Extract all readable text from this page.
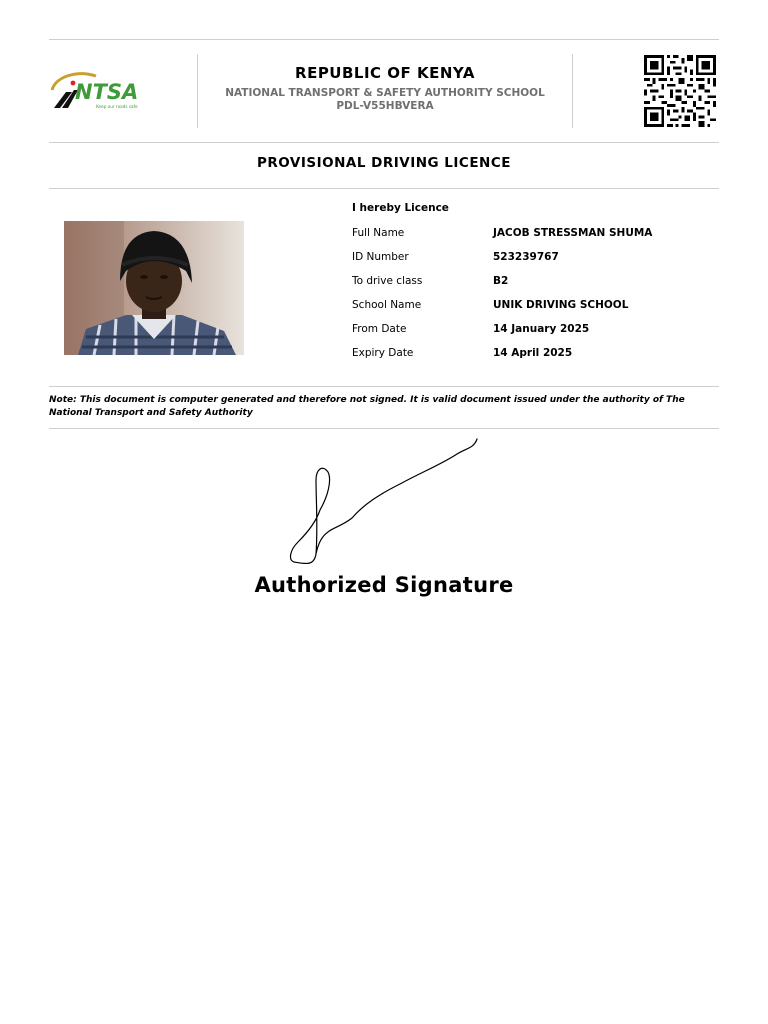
NTSA
Keep our roads safe
REPUBLIC OF KENYA
NATIONAL TRANSPORT & SAFETY AUTHORITY SCHOOL
PDL-V55HBVERA
PROVISIONAL DRIVING LICENCE
I hereby Licence
Full Name	JACOB STRESSMAN SHUMA
ID Number	523239767
To drive class	B2
School Name	UNIK DRIVING SCHOOL
From Date	14 January 2025
Expiry Date	14 April 2025
Note: This document is computer generated and therefore not signed. It is valid document issued under the authority of The National Transport and Safety Authority
Authorized Signature
